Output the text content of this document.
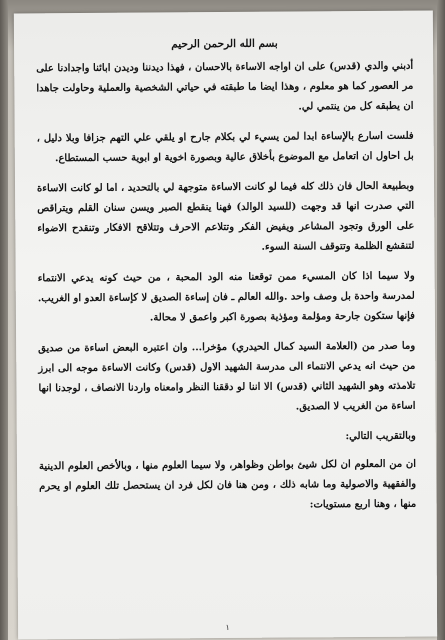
بسم الله الرحمن الرحيم

أدبني والدي (قدس) على ان اواجه الاساءة بالاحسان ، فهذا ديدننا وديدن ابائنا واجدادنا على مر العصور كما هو معلوم ، وهذا ايضا ما طبقته في حياتي الشخصية والعملية وحاولت جاهدا ان يطبقه كل من ينتمي لي.

فلست اسارع بالإساءة ابدا لمن يسيء لي بكلام جارح او يلقي علي التهم جزافا وبلا دليل ، بل احاول ان اتعامل مع الموضوع بأخلاق عالية وبصورة اخوية او ابوية حسب المستطاع.

وبطبيعة الحال فان ذلك كله فيما لو كانت الاساءة متوجهة لي بالتحديد ، اما لو كانت الاساءة التي صدرت انها قد وجهت (للسيد الوالد) فهنا ينقطع الصبر ويسن سنان القلم ويتراقص على الورق وتجود المشاعر ويفيض الفكر وتتلاعم الاحرف وتتلاقح الافكار وتنقدح الاضواء لتنقشع الظلمة وتتوقف السنة السوء.

ولا سيما اذا كان المسيء ممن توقعنا منه الود المحبة ، من حيث كونه يدعي الانتماء لمدرسة واحدة بل وصف واحد .والله العالم ـ فان إساءة الصديق لا كإساءة العدو او الغريب. فإنها ستكون جارحة ومؤلمة ومؤذية بصورة اكبر واعمق لا محالة.

وما صدر من (العلامة السيد كمال الحيدري) مؤخرا... وان اعتبره البعض اساءة من صديق من حيث انه يدعي الانتماء الى مدرسة الشهيد الاول (قدس) وكانت الاساءة موجه الى ابرز تلامذته وهو الشهيد الثاني (قدس) الا اننا لو دققنا النظر وامعناه واردنا الانصاف ، لوجدنا انها اساءة من الغريب لا الصديق.

وبالتقريب التالي:

ان من المعلوم ان لكل شيئ بواطن وظواهر، ولا سيما العلوم منها ، وبالأخص العلوم الدينية والفقهية والاصولية وما شابه ذلك ، ومن هنا فان لكل فرد ان يستحصل تلك العلوم او يحرم منها ، وهنا اربع مستويات:

١
